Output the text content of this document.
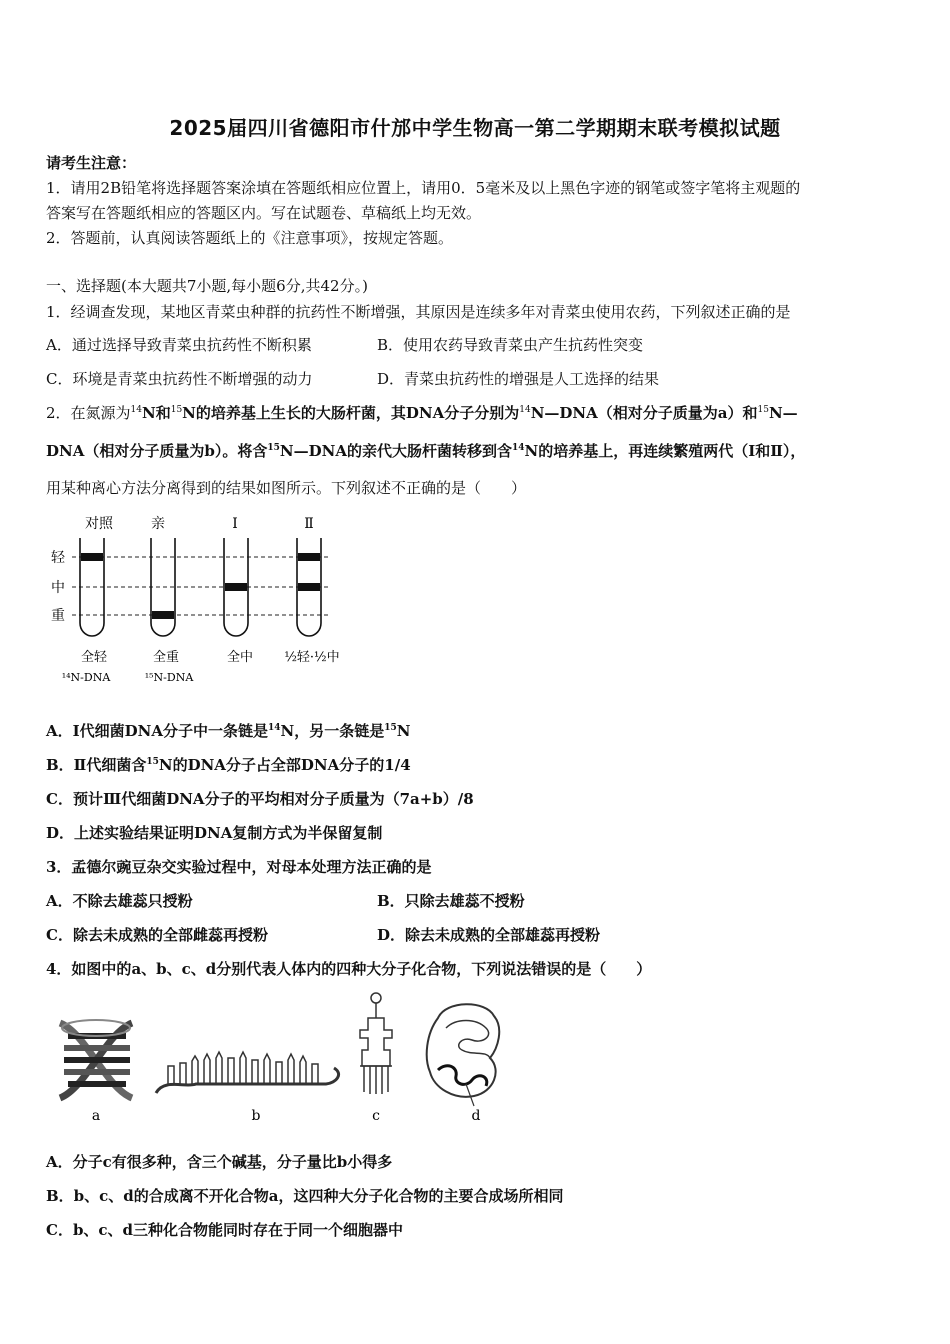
2025届四川省德阳市什邡中学生物高一第二学期期末联考模拟试题
请考生注意：
1．请用2B铅笔将选择题答案涂填在答题纸相应位置上，请用0．5毫米及以上黑色字迹的钢笔或签字笔将主观题的
答案写在答题纸相应的答题区内。写在试题卷、草稿纸上均无效。
2．答题前，认真阅读答题纸上的《注意事项》，按规定答题。
一、选择题(本大题共7小题,每小题6分,共42分。)
1．经调查发现，某地区青菜虫种群的抗药性不断增强，其原因是连续多年对青菜虫使用农药，下列叙述正确的是
A．通过选择导致青菜虫抗药性不断积累	B．使用农药导致青菜虫产生抗药性突变
C．环境是青菜虫抗药性不断增强的动力	D．青菜虫抗药性的增强是人工选择的结果
2．在氮源为$^{14}$N和$^{15}$N的培养基上生长的大肠杆菌，其DNA分子分别为$^{14}$N—DNA（相对分子质量为a）和$^{15}$N—
DNA（相对分子质量为b）。将含$^{15}$N—DNA的亲代大肠杆菌转移到含$^{14}$N的培养基上，再连续繁殖两代（Ⅰ和Ⅱ），
用某种离心方法分离得到的结果如图所示。下列叙述不正确的是（　　）
对照	亲	Ⅰ	Ⅱ
轻
中
重
全轻	全重	全中 ½轻·½中
¹⁴N-DNA	¹⁵N-DNA
A．Ⅰ代细菌DNA分子中一条链是$^{14}$N，另一条链是$^{15}$N
B．Ⅱ代细菌含$^{15}$N的DNA分子占全部DNA分子的1/4
C．预计Ⅲ代细菌DNA分子的平均相对分子质量为（7a+b）/8
D．上述实验结果证明DNA复制方式为半保留复制
3．孟德尔豌豆杂交实验过程中，对母本处理方法正确的是
A．不除去雄蕊只授粉	B．只除去雄蕊不授粉
C．除去未成熟的全部雌蕊再授粉	D．除去未成熟的全部雄蕊再授粉
4．如图中的a、b、c、d分别代表人体内的四种大分子化合物，下列说法错误的是（　　）
a	b	c	d
A．分子c有很多种，含三个碱基，分子量比b小得多
B．b、c、d的合成离不开化合物a，这四种大分子化合物的主要合成场所相同
C．b、c、d三种化合物能同时存在于同一个细胞器中
